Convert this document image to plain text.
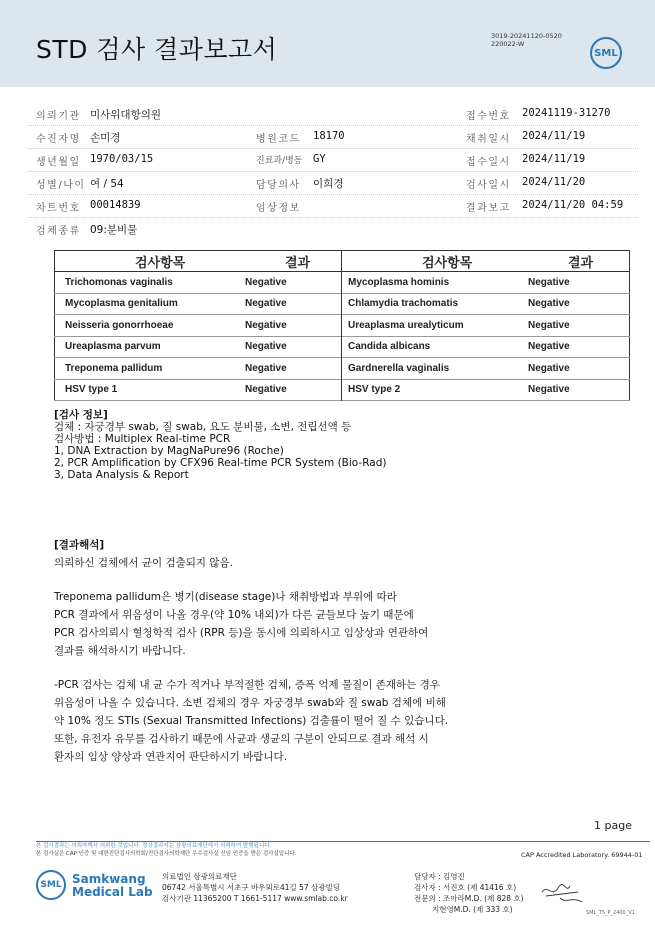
STD 검사 결과보고서	3019-20241120-0520
220022-W
SML
의뢰기관 미사위대항의원	접수번호 20241119-31270
수진자명 손미경	병원코드 18170	채취일시 2024/11/19
생년월일 1970/03/15	진료과/병동 GY	접수일시 2024/11/19
성별/나이 여 / 54	담당의사 이희경	검사일시 2024/11/20
차트번호 00014839	임상정보	결과보고 2024/11/20 04:59
검체종류 09:분비물
검사항목	결과	검사항목	결과
Trichomonas vaginalis	Negative	Mycoplasma hominis	Negative
Mycoplasma genitalium	Negative	Chlamydia trachomatis	Negative
Neisseria gonorrhoeae	Negative	Ureaplasma urealyticum	Negative
Ureaplasma parvum	Negative	Candida albicans	Negative
Treponema pallidum	Negative	Gardnerella vaginalis	Negative
HSV type 1	Negative	HSV type 2	Negative
[검사 정보]
검체 : 자궁경부 swab, 질 swab, 요도 분비물, 소변, 전립선액 등
검사방법 : Multiplex Real-time PCR
1, DNA Extraction by MagNaPure96 (Roche)
2, PCR Amplification by CFX96 Real-time PCR System (Bio-Rad)
3, Data Analysis & Report
[결과해석]
의뢰하신 검체에서 균이 검출되지 않음.
Treponema pallidum은 병기(disease stage)나 채취방법과 부위에 따라
PCR 결과에서 위음성이 나올 경우(약 10% 내외)가 다른 균들보다 높기 때문에
PCR 검사의뢰시 혈청학적 검사 (RPR 등)을 동시에 의뢰하시고 임상상과 연관하여
결과를 해석하시기 바랍니다.
-PCR 검사는 검체 내 균 수가 적거나 부적절한 검체, 증폭 억제 물질이 존재하는 경우
위음성이 나올 수 있습니다. 소변 검체의 경우 자궁경부 swab와 질 swab 검체에 비해
약 10% 정도 STIs (Sexual Transmitted Infections) 검출률이 떨어 질 수 있습니다.
또한, 유전자 유무를 검사하기 때문에 사균과 생균의 구분이 안되므로 결과 해석 시
환자의 임상 양상과 연관지어 판단하시기 바랍니다.
1 page
본 검사결과는 의뢰자께서 의뢰한 것입니다. 정상결과지는 삼광의료재단에서 의뢰하여 발행됩니다.
본 검사실은 CAP 인증 및 대한진단검사의학회/진단검사의학재단 우수검사실 신임 인증을 받은 검사실입니다.	CAP Accredited Laboratory. 69944-01
SML Samkwang
Medical Lab
의료법인 삼광의료재단
06742 서울특별시 서초구 바우뫼로41길 57 삼광빌딩
검사기관 11365200 T 1661-5117 www.smlab.co.kr
담당자 : 김영진
검사자 : 서진호 (제 41416 호)
전문의 : 조아라M.D. (제 828 호)
지현영M.D. (제 333 호)	SML_TS_P_2400_V1
